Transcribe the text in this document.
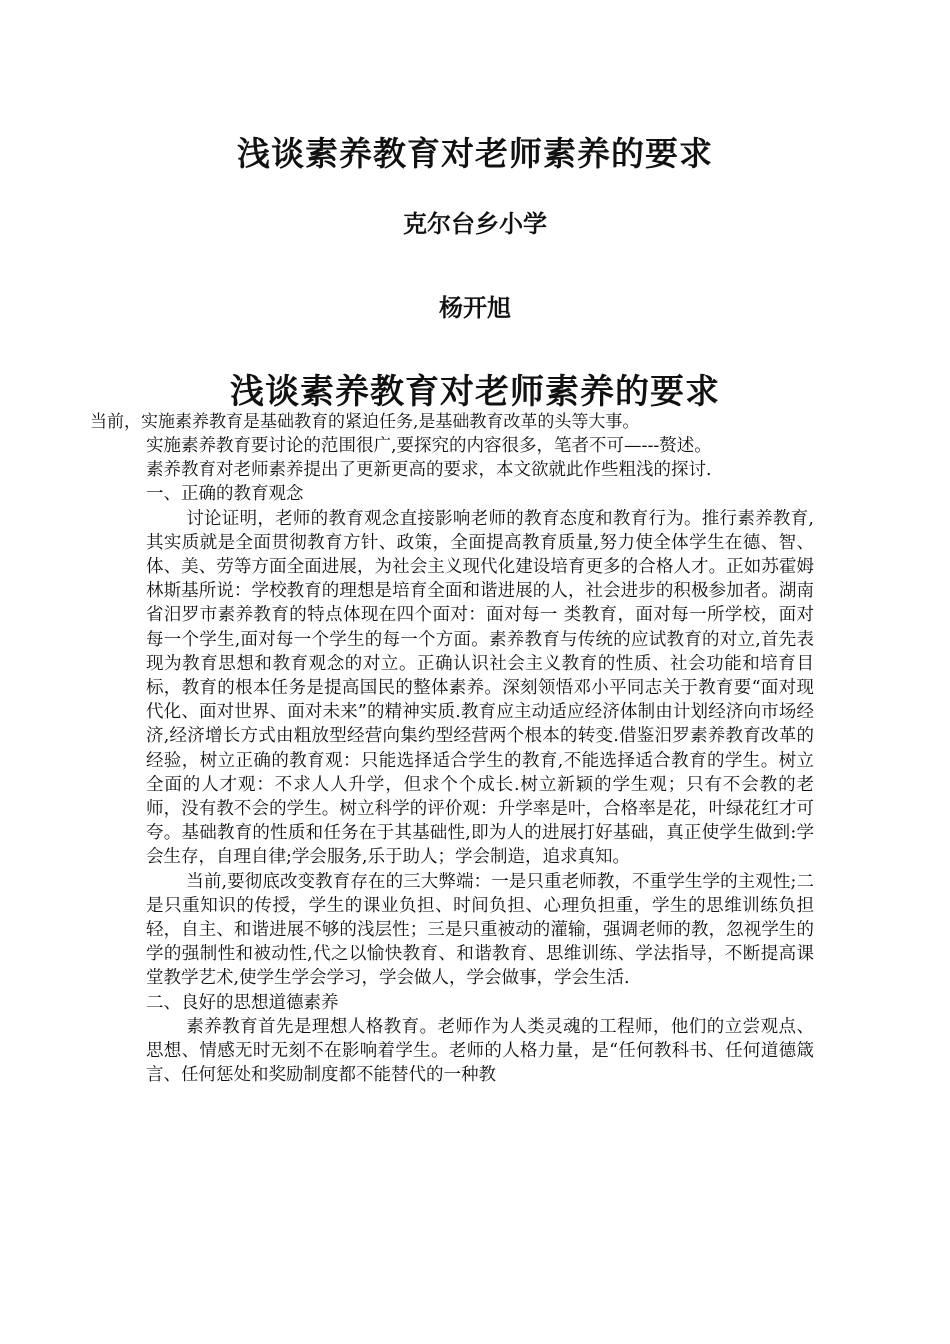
浅谈素养教育对老师素养的要求
克尔台乡小学
杨开旭
浅谈素养教育对老师素养的要求
当前，实施素养教育是基础教育的紧迫任务,是基础教育改革的头等大事。

实施素养教育要讨论的范围很广,要探究的内容很多，笔者不可—---赘述。

素养教育对老师素养提出了更新更高的要求，本文欲就此作些粗浅的探讨.

一、正确的教育观念

讨论证明，老师的教育观念直接影响老师的教育态度和教育行为。推行素养教育,其实质就是全面贯彻教育方针、政策，全面提高教育质量,努力使全体学生在德、智、体、美、劳等方面全面进展，为社会主义现代化建设培育更多的合格人才。正如苏霍姆林斯基所说：学校教育的理想是培育全面和谐进展的人，社会进步的积极参加者。湖南省汨罗市素养教育的特点体现在四个面对：面对每一 类教育，面对每一所学校，面对每一个学生,面对每一个学生的每一个方面。素养教育与传统的应试教育的对立,首先表现为教育思想和教育观念的对立。正确认识社会主义教育的性质、社会功能和培育目标，教育的根本任务是提高国民的整体素养。深刻领悟邓小平同志关于教育要“面对现代化、面对世界、面对未来”的精神实质.教育应主动适应经济体制由计划经济向市场经济,经济增长方式由粗放型经营向集约型经营两个根本的转变.借鉴汨罗素养教育改革的经验，树立正确的教育观：只能选择适合学生的教育,不能选择适合教育的学生。树立全面的人才观：不求人人升学，但求个个成长.树立新颖的学生观；只有不会教的老师，没有教不会的学生。树立科学的评价观：升学率是叶，合格率是花，叶绿花红才可夸。基础教育的性质和任务在于其基础性,即为人的进展打好基础，真正使学生做到:学会生存，自理自律;学会服务,乐于助人；学会制造，追求真知。

当前,要彻底改变教育存在的三大弊端：一是只重老师教，不重学生学的主观性;二是只重知识的传授，学生的课业负担、时间负担、心理负担重，学生的思维训练负担轻，自主、和谐进展不够的浅层性；三是只重被动的灌输，强调老师的教，忽视学生的学的强制性和被动性,代之以愉快教育、和谐教育、思维训练、学法指导，不断提高课堂教学艺术,使学生学会学习，学会做人，学会做事，学会生活.

二、良好的思想道德素养

素养教育首先是理想人格教育。老师作为人类灵魂的工程师，他们的立尝观点、思想、情感无时无刻不在影响着学生。老师的人格力量，是“任何教科书、任何道德箴言、任何惩处和奖励制度都不能替代的一种教
